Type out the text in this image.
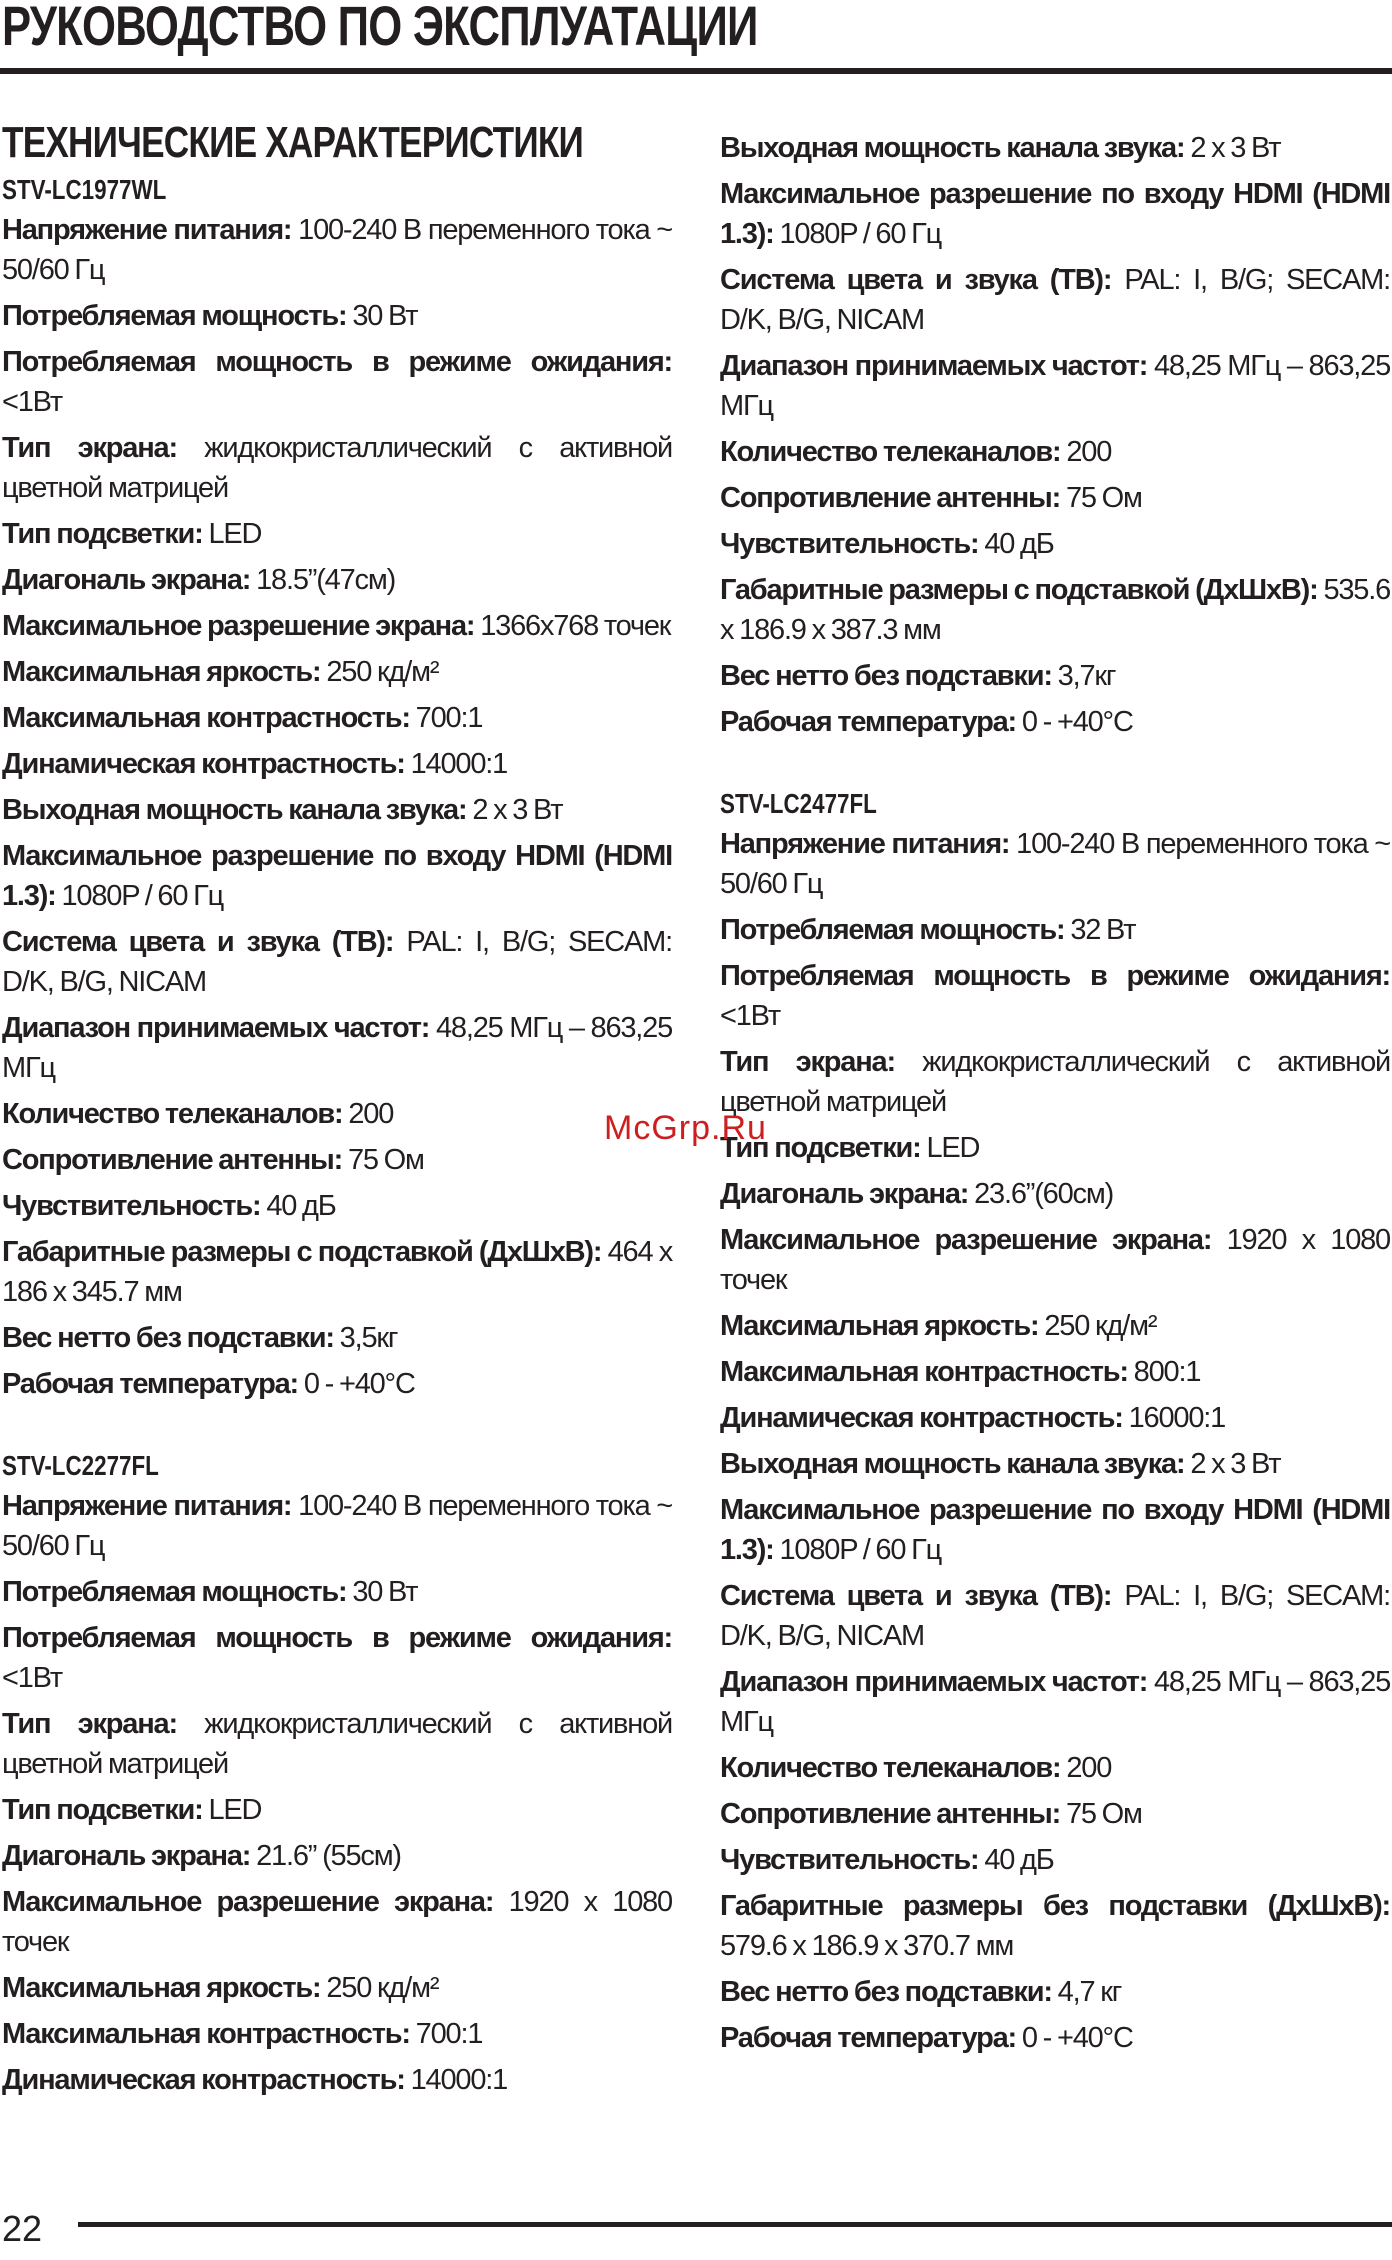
РУКОВОДСТВО ПО ЭКСПЛУАТАЦИИ
ТЕХНИЧЕСКИЕ ХАРАКТЕРИСТИКИ
STV-LC1977WL
Напряжение питания: 100-240 В переменного тока ~ 50/60 Гц
Потребляемая мощность: 30 Вт
Потребляемая мощность в режиме ожидания: <1Вт
Тип экрана: жидкокристаллический с активной цветной матрицей
Тип подсветки: LED
Диагональ экрана: 18.5”(47см)
Максимальное разрешение экрана: 1366x768 точек
Максимальная яркость: 250 кд/м²
Максимальная контрастность: 700:1
Динамическая контрастность: 14000:1
Выходная мощность канала звука: 2 x 3 Вт
Максимальное разрешение по входу HDMI (HDMI 1.3): 1080P / 60 Гц
Система цвета и звука (ТВ): PAL: I, B/G; SECAM: D/K, B/G, NICAM
Диапазон принимаемых частот: 48,25 МГц – 863,25 МГц
Количество телеканалов: 200
Сопротивление антенны: 75 Ом
Чувствительность: 40 дБ
Габаритные размеры с подставкой (ДхШхВ): 464 x 186 x 345.7 мм
Вес нетто без подставки: 3,5кг
Рабочая температура: 0 - +40°C
STV-LC2277FL
Напряжение питания: 100-240 В переменного тока ~ 50/60 Гц
Потребляемая мощность: 30 Вт
Потребляемая мощность в режиме ожидания: <1Вт
Тип экрана: жидкокристаллический с активной цветной матрицей
Тип подсветки: LED
Диагональ экрана: 21.6” (55см)
Максимальное разрешение экрана: 1920 x 1080 точек
Максимальная яркость: 250 кд/м²
Максимальная контрастность: 700:1
Динамическая контрастность: 14000:1
Выходная мощность канала звука: 2 x 3 Вт
Максимальное разрешение по входу HDMI (HDMI 1.3): 1080P / 60 Гц
Система цвета и звука (ТВ): PAL: I, B/G; SECAM: D/K, B/G, NICAM
Диапазон принимаемых частот: 48,25 МГц – 863,25 МГц
Количество телеканалов: 200
Сопротивление антенны: 75 Ом
Чувствительность: 40 дБ
Габаритные размеры с подставкой (ДхШхВ): 535.6 x 186.9 x 387.3 мм
Вес нетто без подставки: 3,7кг
Рабочая температура: 0 - +40°C
STV-LC2477FL
Напряжение питания: 100-240 В переменного тока ~ 50/60 Гц
Потребляемая мощность: 32 Вт
Потребляемая мощность в режиме ожидания: <1Вт
Тип экрана: жидкокристаллический с активной цветной матрицей
Тип подсветки: LED
Диагональ экрана: 23.6”(60см)
Максимальное разрешение экрана: 1920 x 1080 точек
Максимальная яркость: 250 кд/м²
Максимальная контрастность: 800:1
Динамическая контрастность: 16000:1
Выходная мощность канала звука: 2 x 3 Вт
Максимальное разрешение по входу HDMI (HDMI 1.3): 1080P / 60 Гц
Система цвета и звука (ТВ): PAL: I, B/G; SECAM: D/K, B/G, NICAM
Диапазон принимаемых частот: 48,25 МГц – 863,25 МГц
Количество телеканалов: 200
Сопротивление антенны: 75 Ом
Чувствительность: 40 дБ
Габаритные размеры без подставки (ДхШхВ): 579.6 x 186.9 x 370.7 мм
Вес нетто без подставки: 4,7 кг
Рабочая температура: 0 - +40°C
McGrp.Ru
22
